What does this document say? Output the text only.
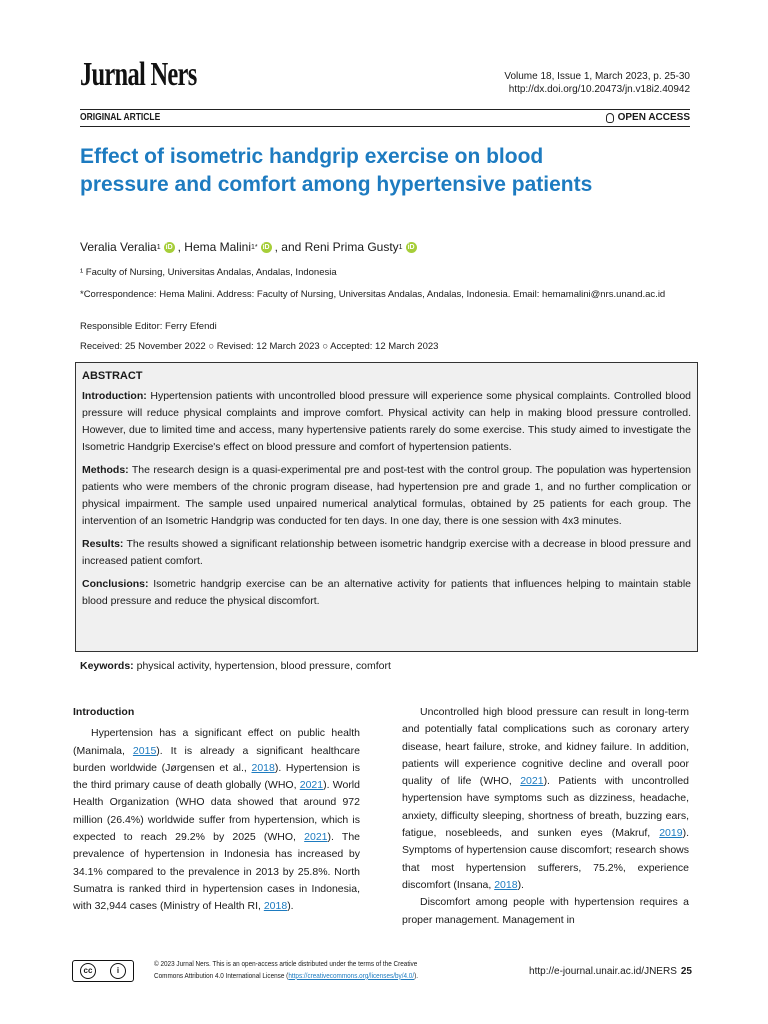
Jurnal Ners	Volume 18, Issue 1, March 2023, p. 25-30
http://dx.doi.org/10.20473/jn.v18i2.40942
ORIGINAL ARTICLE	OPEN ACCESS
Effect of isometric handgrip exercise on blood pressure and comfort among hypertensive patients
Veralia Veralia 1 iD , Hema Malini 1* iD , and Reni Prima Gusty 1 iD
¹ Faculty of Nursing, Universitas Andalas, Andalas, Indonesia
*Correspondence: Hema Malini. Address: Faculty of Nursing, Universitas Andalas, Andalas, Indonesia. Email: hemamalini@nrs.unand.ac.id
Responsible Editor: Ferry Efendi
Received: 25 November 2022 ○ Revised: 12 March 2023 ○ Accepted: 12 March 2023
ABSTRACT

Introduction: Hypertension patients with uncontrolled blood pressure will experience some physical complaints. Controlled blood pressure will reduce physical complaints and improve comfort. Physical activity can help in making blood pressure controlled. However, due to limited time and access, many hypertensive patients rarely do some exercise. This study aimed to investigate the Isometric Handgrip Exercise's effect on blood pressure and comfort of hypertension patients.

Methods: The research design is a quasi-experimental pre and post-test with the control group. The population was hypertension patients who were members of the chronic program disease, had hypertension pre and grade 1, and no further complication or physical impairment. The sample used unpaired numerical analytical formulas, obtained by 25 patients for each group. The intervention of an Isometric Handgrip was conducted for ten days. In one day, there is one session with 4x3 minutes.

Results: The results showed a significant relationship between isometric handgrip exercise with a decrease in blood pressure and increased patient comfort.

Conclusions: Isometric handgrip exercise can be an alternative activity for patients that influences helping to maintain stable blood pressure and reduce the physical discomfort.

Keywords: physical activity, hypertension, blood pressure, comfort
Introduction

Hypertension has a significant effect on public health (Manimala, 2015). It is already a significant healthcare burden worldwide (Jørgensen et al., 2018). Hypertension is the third primary cause of death globally (WHO, 2021). World Health Organization (WHO data showed that around 972 million (26.4%) worldwide suffer from hypertension, which is expected to reach 29.2% by 2025 (WHO, 2021). The prevalence of hypertension in Indonesia has increased by 34.1% compared to the prevalence in 2013 by 25.8%. North Sumatra is ranked third in hypertension cases in Indonesia, with 32,944 cases (Ministry of Health RI, 2018).

Uncontrolled high blood pressure can result in long-term and potentially fatal complications such as coronary artery disease, heart failure, stroke, and kidney failure. In addition, patients will experience cognitive decline and overall poor quality of life (WHO, 2021). Patients with uncontrolled hypertension have symptoms such as dizziness, headache, anxiety, difficulty sleeping, shortness of breath, buzzing ears, fatigue, nosebleeds, and sunken eyes (Makruf, 2019). Symptoms of hypertension cause discomfort; research shows that most hypertension sufferers, 75.2%, experience discomfort (Insana, 2018).

Discomfort among people with hypertension requires a proper management. Management in

cc	i
© 2023 Jurnal Ners. This is an open-access article distributed under the terms of the Creative Commons Attribution 4.0 International License (https://creativecommons.org/licenses/by/4.0/).	http://e-journal.unair.ac.id/JNERS 25
